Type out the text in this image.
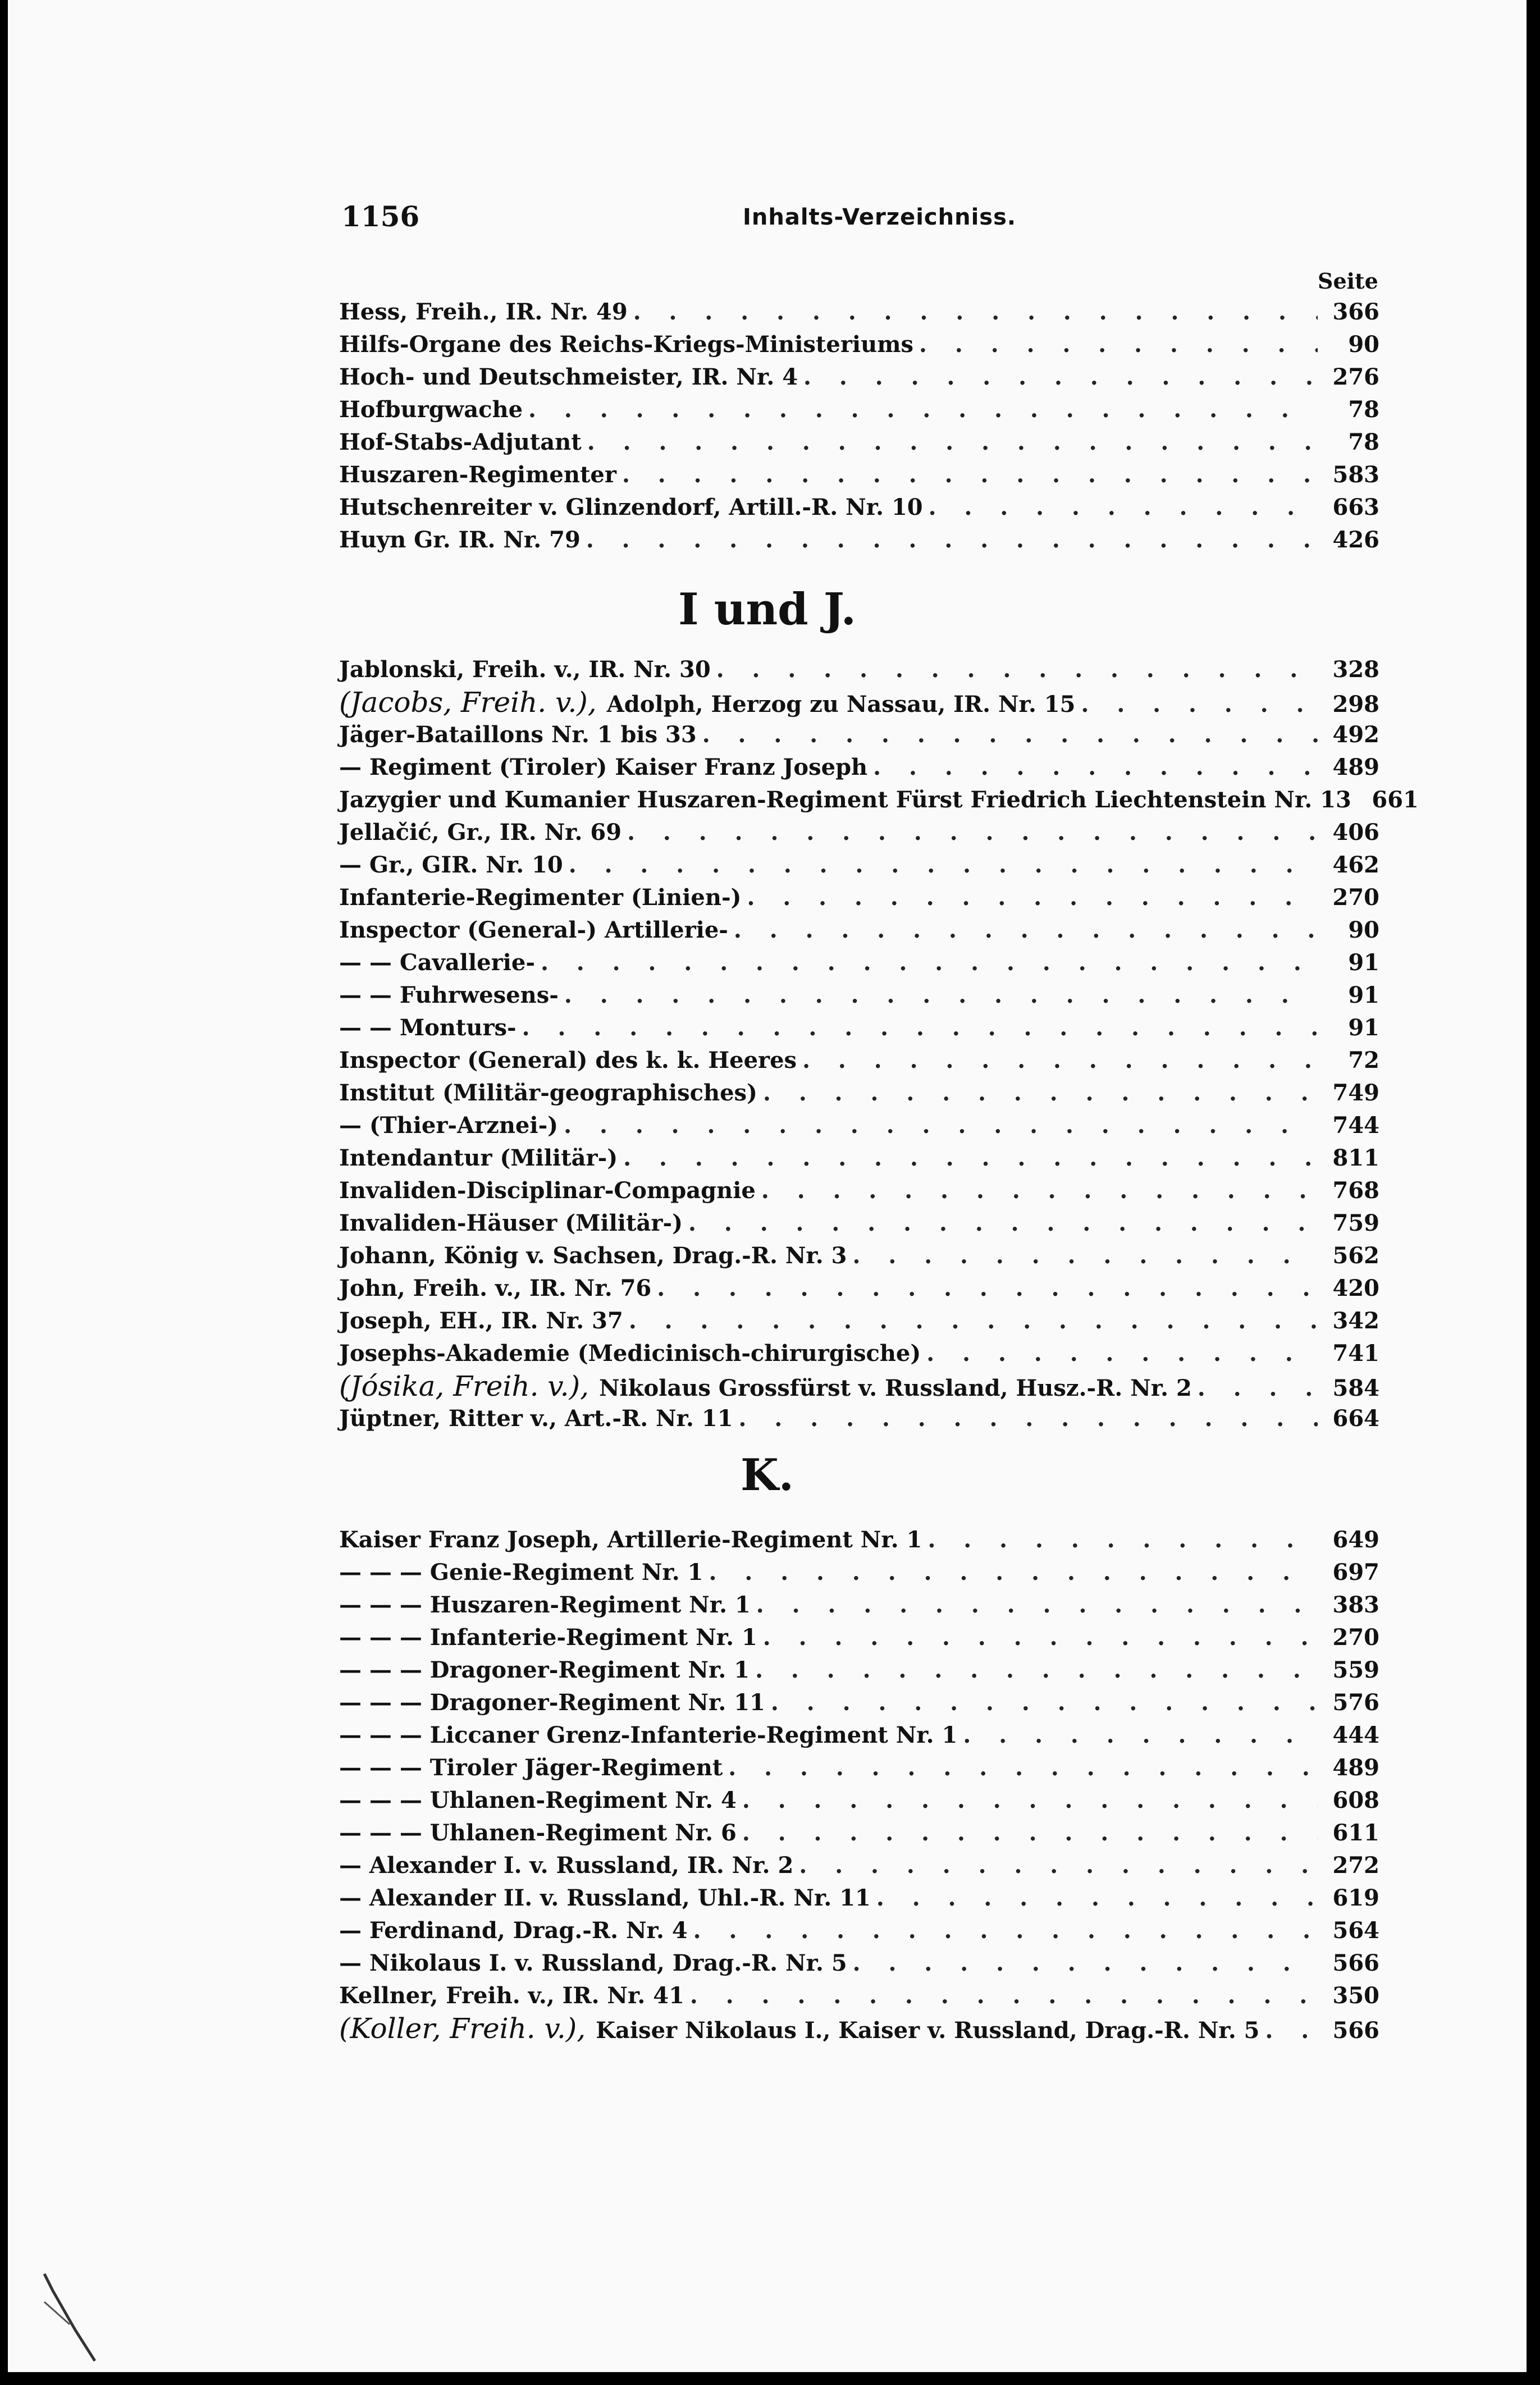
1156	Inhalts-Verzeichniss.
Seite
Hess, Freih., IR. Nr. 49 . . .	366
Hilfs-Organe des Reichs-Kriegs-Ministeriums . . .	90
Hoch- und Deutschmeister, IR. Nr. 4 . . .	276
Hofburgwache . . .	78
Hof-Stabs-Adjutant . . .	78
Huszaren-Regimenter . . .	583
Hutschenreiter v. Glinzendorf, Artill.-R. Nr. 10 . . .	663
Huyn Gr. IR. Nr. 79 . . .	426
I und J.
Jablonski, Freih. v., IR. Nr. 30 . . .	328
(Jacobs, Freih. v.), Adolph, Herzog zu Nassau, IR. Nr. 15 . . .	298
Jäger-Bataillons Nr. 1 bis 33 . . .	492
— Regiment (Tiroler) Kaiser Franz Joseph . . .	489
Jazygier und Kumanier Huszaren-Regiment Fürst Friedrich Liechtenstein Nr. 13 661
Jellačić, Gr., IR. Nr. 69 . . .	406
— Gr., GIR. Nr. 10 . . .	462
Infanterie-Regimenter (Linien-) . . .	270
Inspector (General-) Artillerie- . . .	90
— — Cavallerie- . . .	91
— — Fuhrwesens- . . .	91
— — Monturs- . . .	91
Inspector (General) des k. k. Heeres . . .	72
Institut (Militär-geographisches) . . .	749
— (Thier-Arznei-) . . .	744
Intendantur (Militär-) . . .	811
Invaliden-Disciplinar-Compagnie . . .	768
Invaliden-Häuser (Militär-) . . .	759
Johann, König v. Sachsen, Drag.-R. Nr. 3 . . .	562
John, Freih. v., IR. Nr. 76 . . .	420
Joseph, EH., IR. Nr. 37 . . .	342
Josephs-Akademie (Medicinisch-chirurgische) . . .	741
(Jósika, Freih. v.), Nikolaus Grossfürst v. Russland, Husz.-R. Nr. 2 . . .	584
Jüptner, Ritter v., Art.-R. Nr. 11 . . .	664
K.
Kaiser Franz Joseph, Artillerie-Regiment Nr. 1 . . .	649
— — — Genie-Regiment Nr. 1 . . .	697
— — — Huszaren-Regiment Nr. 1 . . .	383
— — — Infanterie-Regiment Nr. 1 . . .	270
— — — Dragoner-Regiment Nr. 1 . . .	559
— — — Dragoner-Regiment Nr. 11 . . .	576
— — — Liccaner Grenz-Infanterie-Regiment Nr. 1 . . .	444
— — — Tiroler Jäger-Regiment . . .	489
— — — Uhlanen-Regiment Nr. 4 . . .	608
— — — Uhlanen-Regiment Nr. 6 . . .	611
— Alexander I. v. Russland, IR. Nr. 2 . . .	272
— Alexander II. v. Russland, Uhl.-R. Nr. 11 . . .	619
— Ferdinand, Drag.-R. Nr. 4 . . .	564
— Nikolaus I. v. Russland, Drag.-R. Nr. 5 . . .	566
Kellner, Freih. v., IR. Nr. 41 . . .	350
(Koller, Freih. v.), Kaiser Nikolaus I., Kaiser v. Russland, Drag.-R. Nr. 5 . . .	566
